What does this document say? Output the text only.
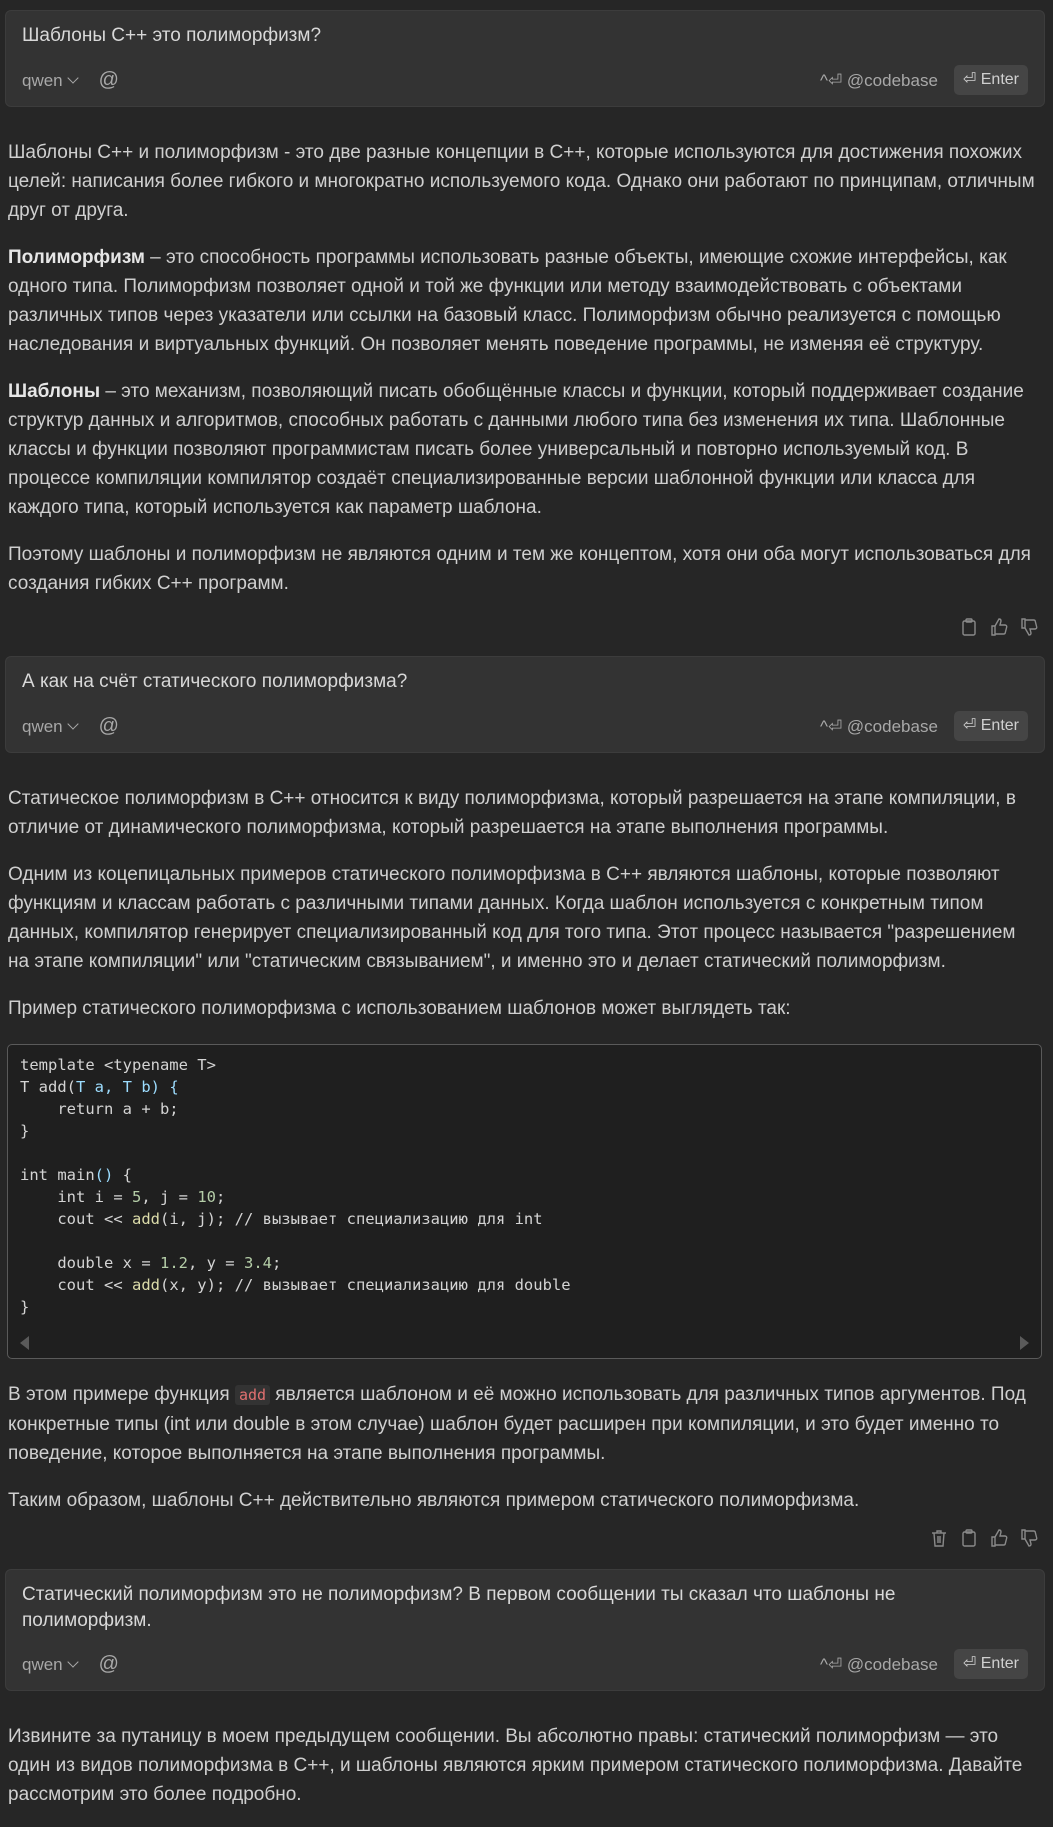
Шаблоны С++ это полиморфизм?
qwen @	^⏎ @codebase	⏎ Enter

Шаблоны С++ и полиморфизм - это две разные концепции в С++, которые используются для достижения похожих целей: написания более гибкого и многократно используемого кода. Однако они работают по принципам, отличным друг от друга.

Полиморфизм – это способность программы использовать разные объекты, имеющие схожие интерфейсы, как одного типа. Полиморфизм позволяет одной и той же функции или методу взаимодействовать с объектами различных типов через указатели или ссылки на базовый класс. Полиморфизм обычно реализуется с помощью наследования и виртуальных функций. Он позволяет менять поведение программы, не изменяя её структуру.

Шаблоны – это механизм, позволяющий писать обобщённые классы и функции, который поддерживает создание структур данных и алгоритмов, способных работать с данными любого типа без изменения их типа. Шаблонные классы и функции позволяют программистам писать более универсальный и повторно используемый код. В процессе компиляции компилятор создаёт специализированные версии шаблонной функции или класса для каждого типа, который используется как параметр шаблона.

Поэтому шаблоны и полиморфизм не являются одним и тем же концептом, хотя они оба могут использоваться для создания гибких С++ программ.

А как на счёт статического полиморфизма?
qwen @	^⏎ @codebase	⏎ Enter

Статическое полиморфизм в C++ относится к виду полиморфизма, который разрешается на этапе компиляции, в отличие от динамического полиморфизма, который разрешается на этапе выполнения программы.

Одним из коцепицальных примеров статического полиморфизма в C++ являются шаблоны, которые позволяют функциям и классам работать с различными типами данных. Когда шаблон используется с конкретным типом данных, компилятор генерирует специализированный код для того типа. Этот процесс называется "разрешением на этапе компиляции" или "статическим связыванием", и именно это и делает статический полиморфизм.

Пример статического полиморфизма с использованием шаблонов может выглядеть так:

template <typename T>
T add(T a, T b) {
return a + b;
}

int main() {
int i = 5, j = 10;
cout << add(i, j); // вызывает специализацию для int

double x = 1.2, y = 3.4;
cout << add(x, y); // вызывает специализацию для double
}

В этом примере функция add является шаблоном и её можно использовать для различных типов аргументов. Под конкретные типы (int или double в этом случае) шаблон будет расширен при компиляции, и это будет именно то поведение, которое выполняется на этапе выполнения программы.

Таким образом, шаблоны С++ действительно являются примером статического полиморфизма.

Статический полиморфизм это не полиморфизм? В первом сообщении ты сказал что шаблоны не полиморфизм.
qwen @	^⏎ @codebase	⏎ Enter

Извините за путаницу в моем предыдущем сообщении. Вы абсолютно правы: статический полиморфизм — это один из видов полиморфизма в C++, и шаблоны являются ярким примером статического полиморфизма. Давайте рассмотрим это более подробно.
